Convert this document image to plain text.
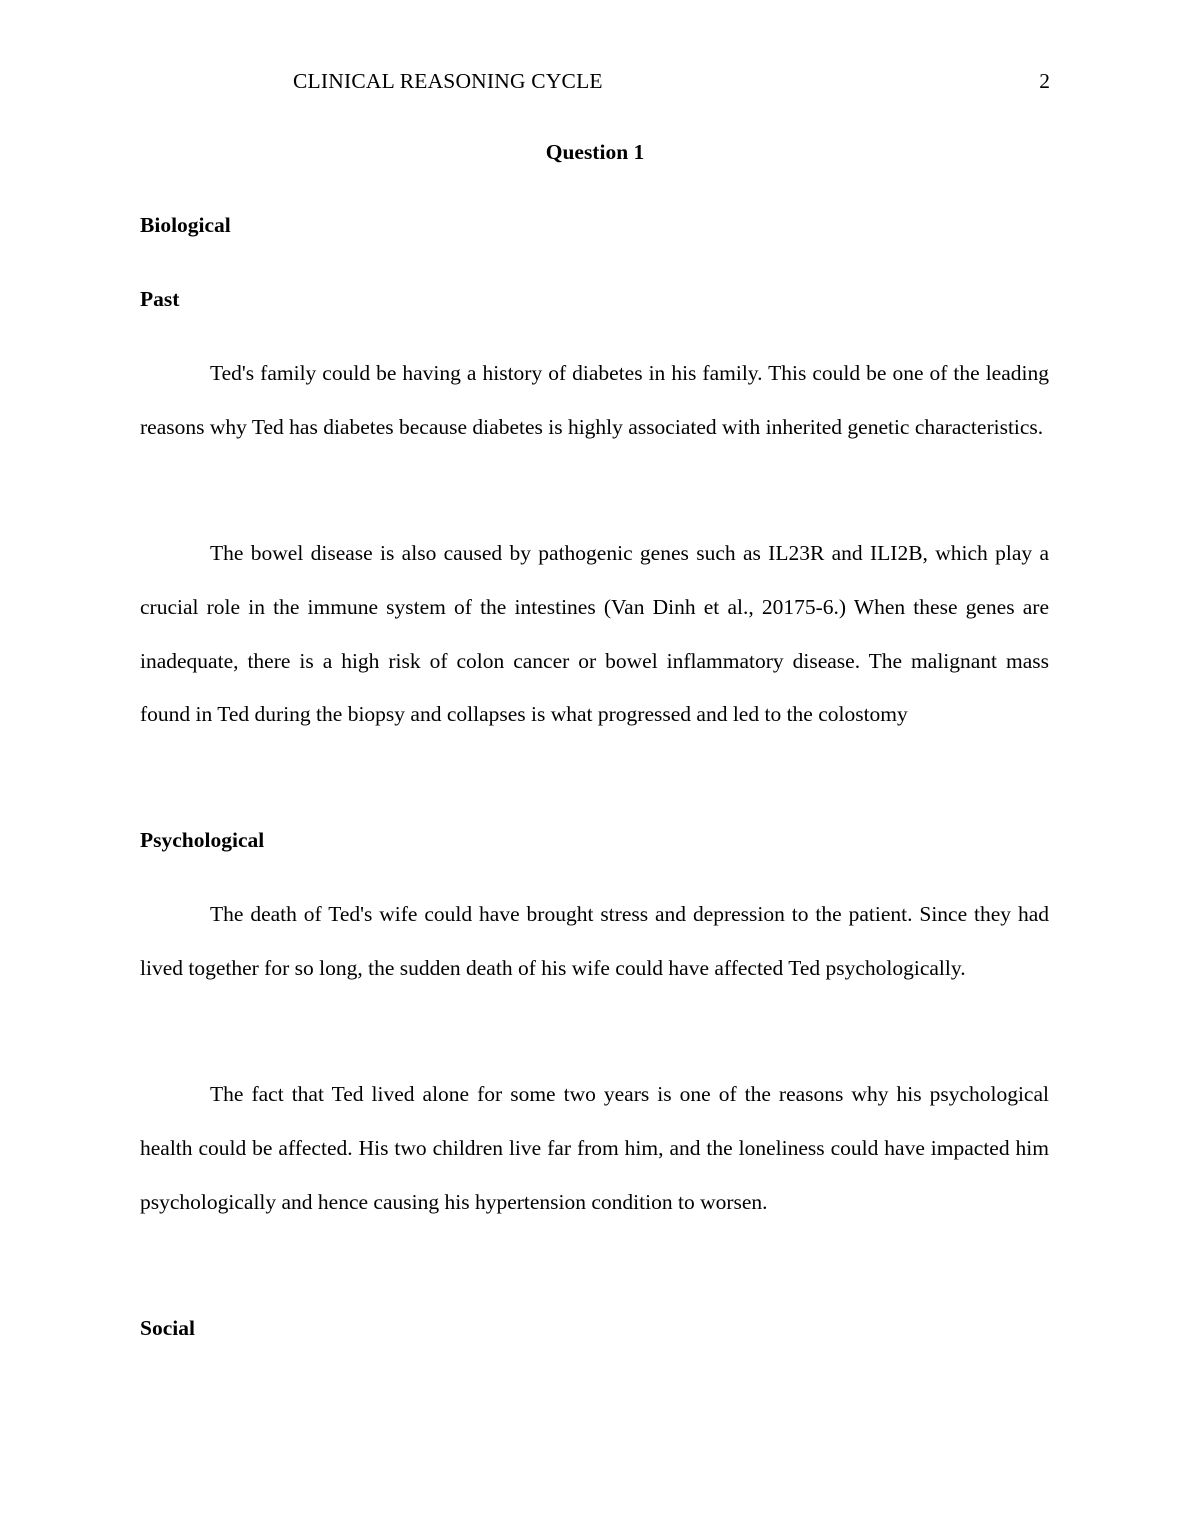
CLINICAL REASONING CYCLE	2
Question 1
Biological
Past

Ted's family could be having a history of diabetes in his family. This could be one of the leading reasons why Ted has diabetes because diabetes is highly associated with inherited genetic characteristics.

The bowel disease is also caused by pathogenic genes such as IL23R and ILI2B, which play a crucial role in the immune system of the intestines (Van Dinh et al., 20175-6.) When these genes are inadequate, there is a high risk of colon cancer or bowel inflammatory disease. The malignant mass found in Ted during the biopsy and collapses is what progressed and led to the colostomy

Psychological

The death of Ted's wife could have brought stress and depression to the patient. Since they had lived together for so long, the sudden death of his wife could have affected Ted psychologically.

The fact that Ted lived alone for some two years is one of the reasons why his psychological health could be affected. His two children live far from him, and the loneliness could have impacted him psychologically and hence causing his hypertension condition to worsen.

Social
